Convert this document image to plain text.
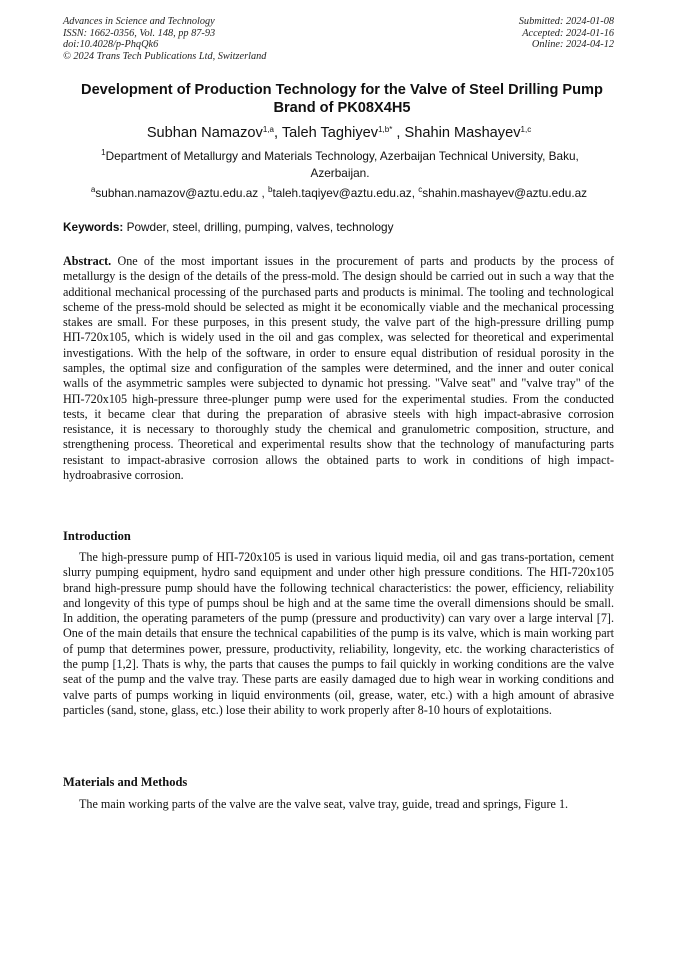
Advances in Science and Technology
ISSN: 1662-0356, Vol. 148, pp 87-93
doi:10.4028/p-PhqQk6
© 2024 Trans Tech Publications Ltd, Switzerland
Submitted: 2024-01-08
Accepted: 2024-01-16
Online: 2024-04-12
Development of Production Technology for the Valve of Steel Drilling Pump Brand of PK08X4H5
Subhan Namazov$^{1,a}$, Taleh Taghiyev$^{1,b*}$ , Shahin Mashayev$^{1,c}$
$^1$Department of Metallurgy and Materials Technology, Azerbaijan Technical University, Baku, Azerbaijan.
$^a$subhan.namazov@aztu.edu.az , $^b$taleh.taqiyev@aztu.edu.az, $^c$shahin.mashayev@aztu.edu.az
Keywords: Powder, steel, drilling, pumping, valves, technology
Abstract. One of the most important issues in the procurement of parts and products by the process of metallurgy is the design of the details of the press-mold. The design should be carried out in such a way that the additional mechanical processing of the purchased parts and products is minimal. The tooling and technological scheme of the press-mold should be selected as might it be economically viable and the mechanical processing stakes are small. For these purposes, in this present study, the valve part of the high-pressure drilling pump НП-720х105, which is widely used in the oil and gas complex, was selected for theoretical and experimental investigations. With the help of the software, in order to ensure equal distribution of residual porosity in the samples, the optimal size and configuration of the samples were determined, and the inner and outer conical walls of the asymmetric samples were subjected to dynamic hot pressing. "Valve seat" and "valve tray" of the НП-720х105 high-pressure three-plunger pump were used for the experimental studies. From the conducted tests, it became clear that during the preparation of abrasive steels with high impact-abrasive corrosion resistance, it is necessary to thoroughly study the chemical and granulometric composition, structure, and strengthening process. Theoretical and experimental results show that the technology of manufacturing parts resistant to impact-abrasive corrosion allows the obtained parts to work in conditions of high impact-hydroabrasive corrosion.
Introduction
The high-pressure pump of НП-720х105 is used in various liquid media, oil and gas trans-portation, cement slurry pumping equipment, hydro sand equipment and under other high pressure conditions. The НП-720х105 brand high-pressure pump should have the following technical characteristics: the power, efficiency, reliability and longevity of this type of pumps shoul be high and at the same time the overall dimensions should be small. In addition, the operating parameters of the pump (pressure and productivity) can vary over a large interval [7]. One of the main details that ensure the technical capabilities of the pump is its valve, which is main working part of pump that determines power, pressure, productivity, reliability, longevity, etc. the working characteristics of the pump [1,2]. Thats is why, the parts that causes the pumps to fail quickly in working conditions are the valve seat of the pump and the valve tray. These parts are easily damaged due to high wear in working conditions and valve parts of pumps working in liquid environments (oil, grease, water, etc.) with a high amount of abrasive particles (sand, stone, glass, etc.) lose their ability to work properly after 8-10 hours of explotaitions.
Materials and Methods
The main working parts of the valve are the valve seat, valve tray, guide, tread and springs, Figure 1.
